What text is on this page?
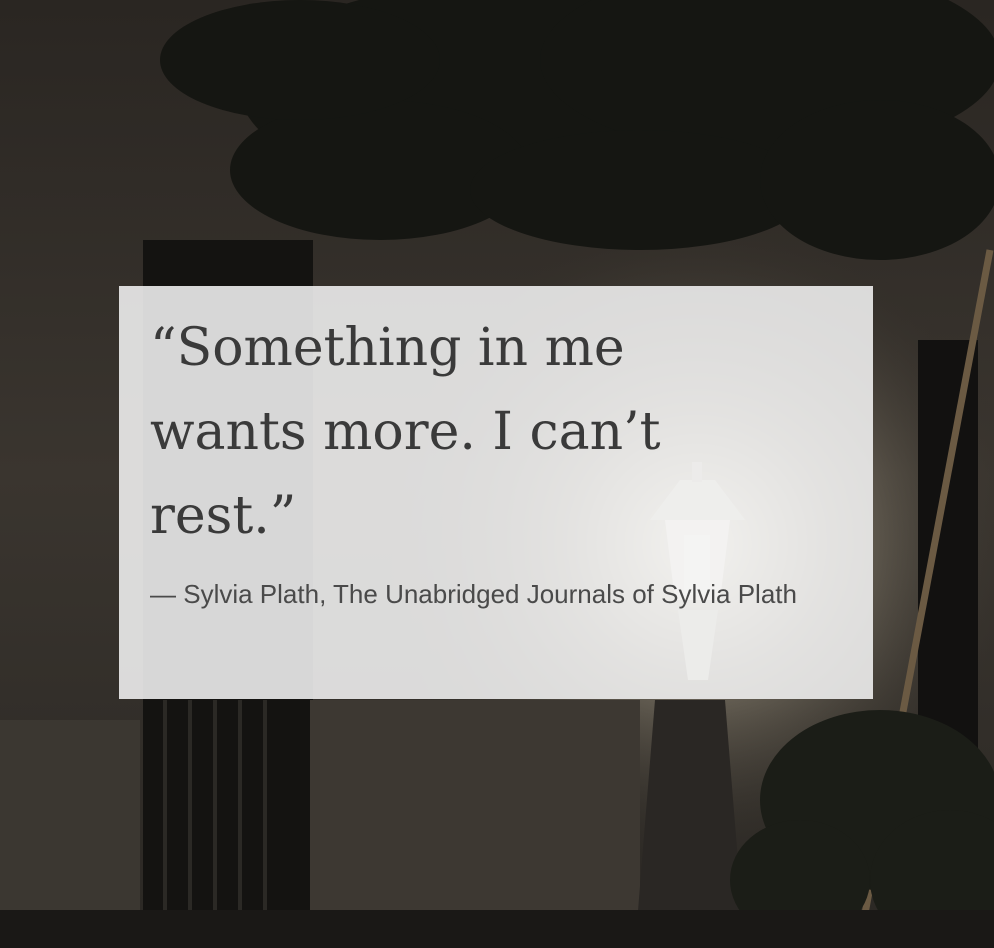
“Something in me wants more. I can’t rest.”

— Sylvia Plath, The Unabridged Journals of Sylvia Plath
